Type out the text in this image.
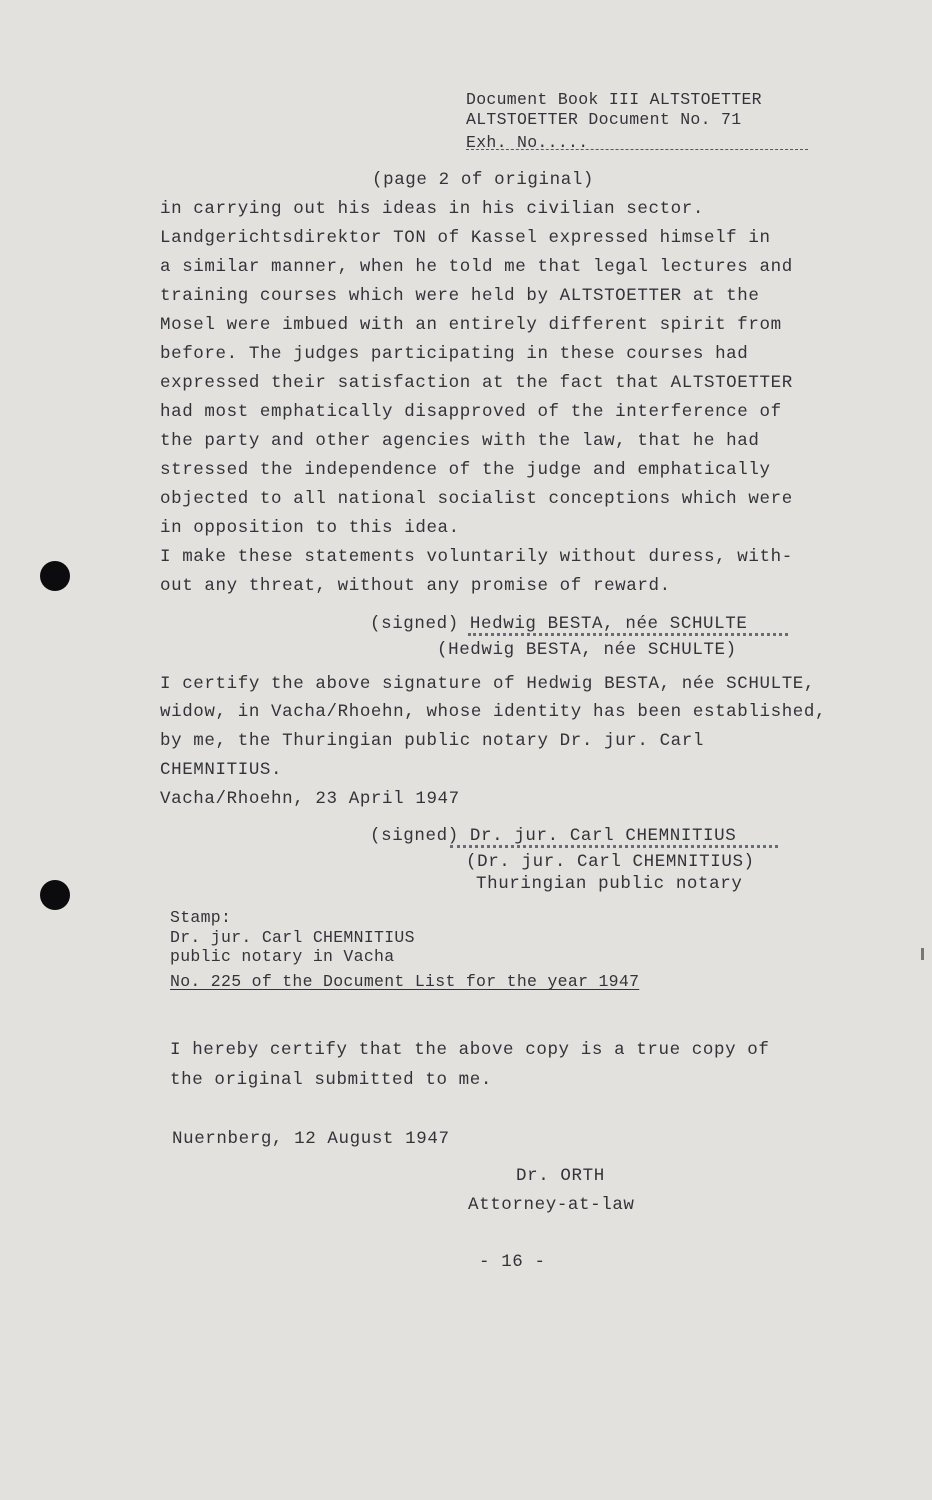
Document Book III ALTSTOETTER
ALTSTOETTER Document No. 71
Exh. No.....
(page 2 of original)
in carrying out his ideas in his civilian sector.
Landgerichtsdirektor TON of Kassel expressed himself in
a similar manner, when he told me that legal lectures and
training courses which were held by ALTSTOETTER at the
Mosel were imbued with an entirely different spirit from
before. The judges participating in these courses had
expressed their satisfaction at the fact that ALTSTOETTER
had most emphatically disapproved of the interference of
the party and other agencies with the law, that he had
stressed the independence of the judge and emphatically
objected to all national socialist conceptions which were
in opposition to this idea.
I make these statements voluntarily without duress, with-
out any threat, without any promise of reward.
(signed) Hedwig BESTA, née SCHULTE
(Hedwig BESTA, née SCHULTE)
I certify the above signature of Hedwig BESTA, née SCHULTE,
widow, in Vacha/Rhoehn, whose identity has been established,
by me, the Thuringian public notary Dr. jur. Carl
CHEMNITIUS.
Vacha/Rhoehn, 23 April 1947
(signed) Dr. jur. Carl CHEMNITIUS
(Dr. jur. Carl CHEMNITIUS)
Thuringian public notary
Stamp:
Dr. jur. Carl CHEMNITIUS
public notary in Vacha
No. 225 of the Document List for the year 1947
I hereby certify that the above copy is a true copy of
the original submitted to me.
Nuernberg, 12 August 1947
Dr. ORTH
Attorney-at-law
- 16 -
